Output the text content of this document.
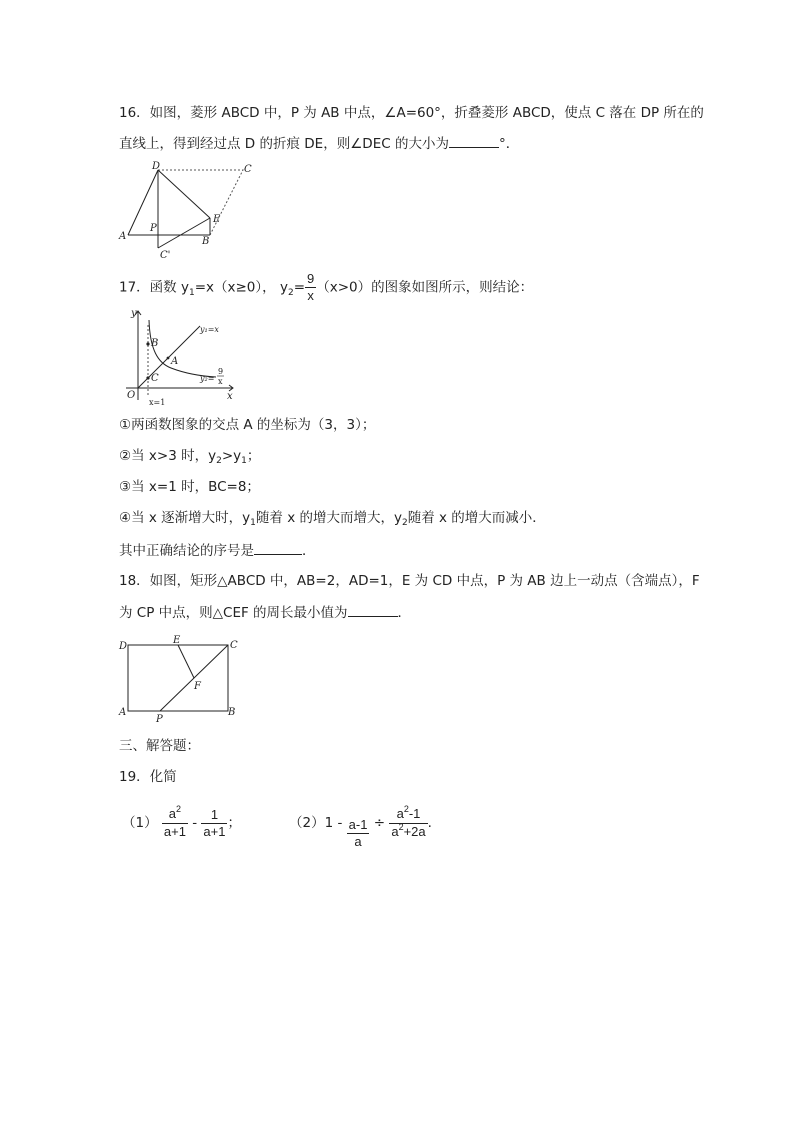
16．如图，菱形 ABCD 中，P 为 AB 中点，∠A=60°，折叠菱形 ABCD，使点 C 落在 DP 所在的
直线上，得到经过点 D 的折痕 DE，则∠DEC 的大小为	°．
D	C
A
P
B
E
C'
17．函数 $y_1=x(x\ge 0)$， $y_2= \frac{9}{x} (x>0)$的图象如图所示，则结论：
y
x
O
B
A
C
x=1
y₁=x
y₂=
9
x
①两函数图象的交点 A 的坐标为（3，3）；
②当 x>3 时，$y_2>y_1$；
③当 x=1 时，BC=8；
④当 x 逐渐增大时，$y_1$随着 x 的增大而增大，$y_2$随着 x 的增大而减小．
其中正确结论的序号是	．
18．如图，矩形△ABCD 中，AB=2，AD=1，E 为 CD 中点，P 为 AB 边上一动点（含端点），F
为 CP 中点，则△CEF 的周长最小值为	．
D
E	C
F
A
P
B
三、解答题：
19．化简
$(1) \frac{a^2}{a+1} - \frac{1}{a+1}$ ；	$(2)1 - \frac{a-1}{a} \div \frac{a^2-1}{a^2+2a}$ .
